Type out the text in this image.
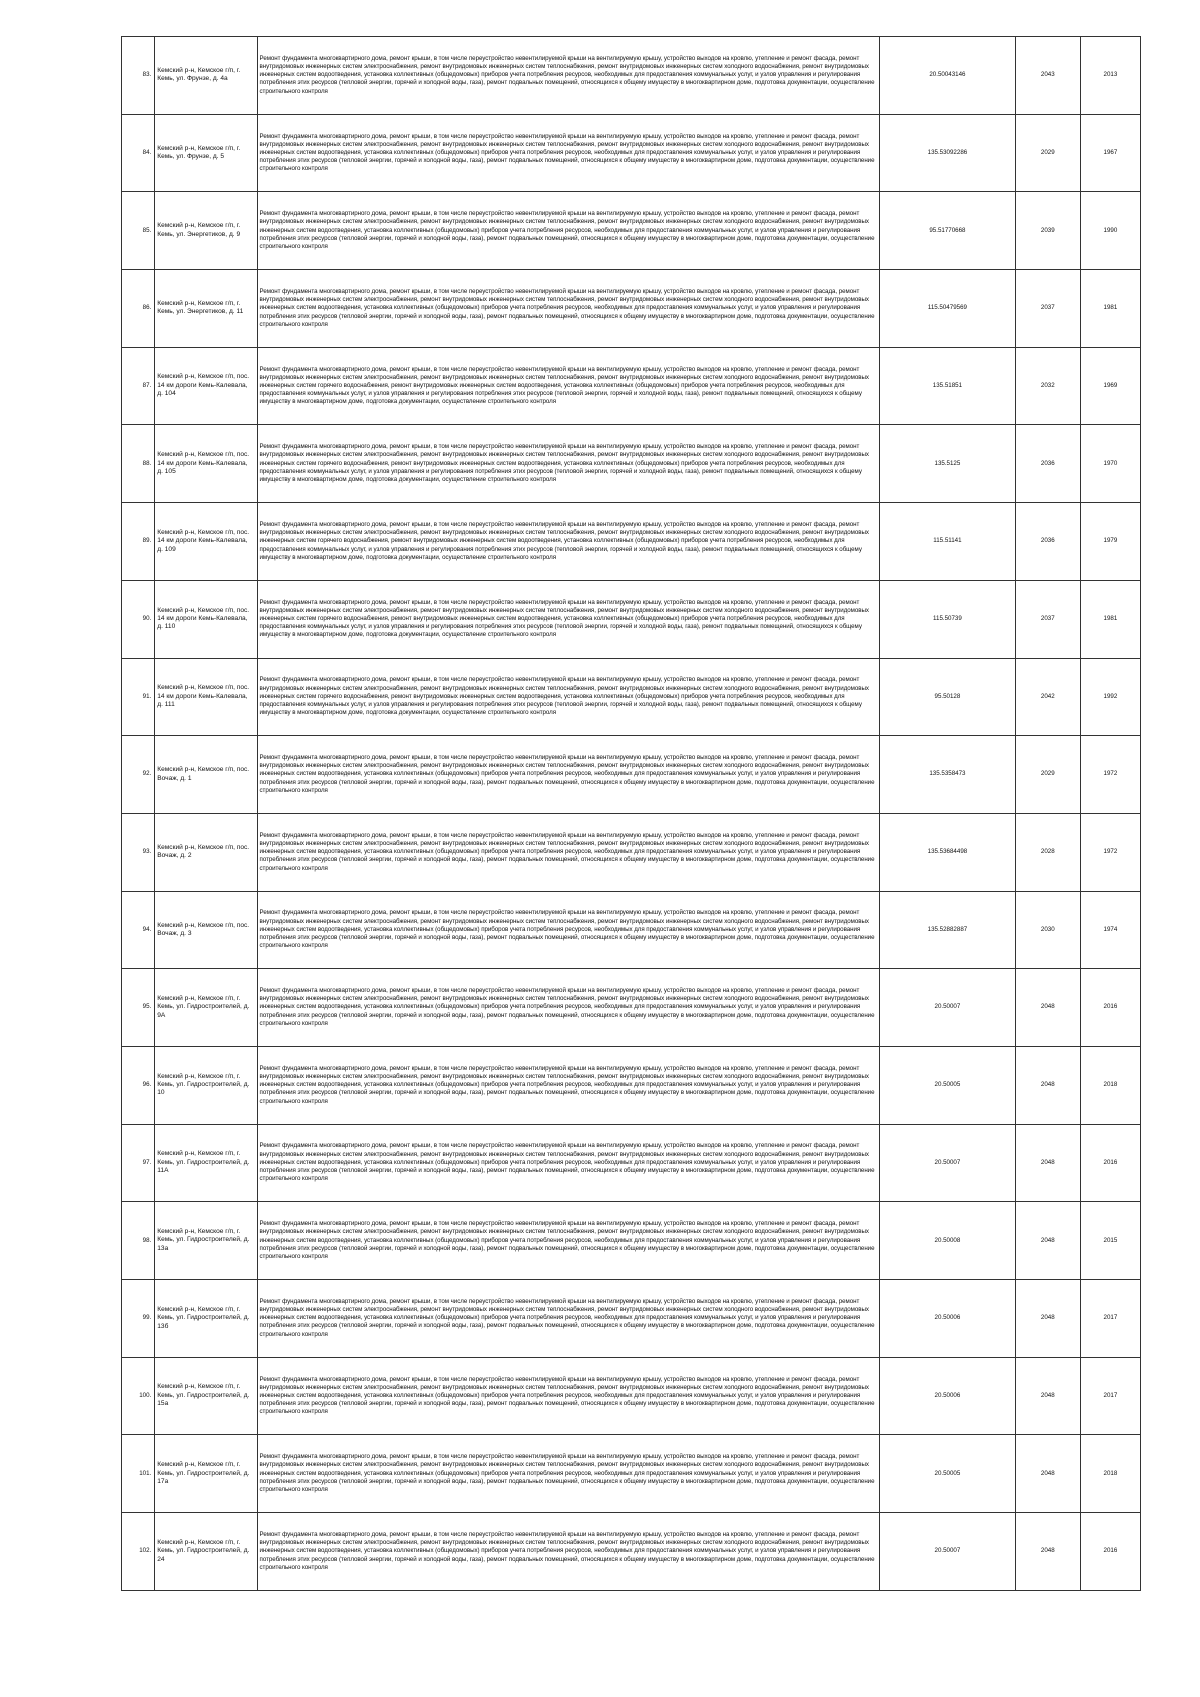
83.	Кемский р-н, Кемское г/п, г. Кемь, ул. Фрунзе, д. 4а	Ремонт фундамента многоквартирного дома, ремонт крыши, в том числе переустройство невентилируемой крыши на вентилируемую крышу, устройство выходов на кровлю, утепление и ремонт фасада, ремонт внутридомовых инженерных систем электроснабжения, ремонт внутридомовых инженерных систем теплоснабжения, ремонт внутридомовых инженерных систем холодного водоснабжения, ремонт внутридомовых инженерных систем водоотведения, установка коллективных (общедомовых) приборов учета потребления ресурсов, необходимых для предоставления коммунальных услуг, и узлов управления и регулирования потребления этих ресурсов (тепловой энергии, горячей и холодной воды, газа), ремонт подвальных помещений, относящихся к общему имуществу в многоквартирном доме, подготовка документации, осуществление строительного контроля	20.50043146	2043	2013
84.	Кемский р-н, Кемское г/п, г. Кемь, ул. Фрунзе, д. 5	Ремонт фундамента многоквартирного дома, ремонт крыши, в том числе переустройство невентилируемой крыши на вентилируемую крышу, устройство выходов на кровлю, утепление и ремонт фасада, ремонт внутридомовых инженерных систем электроснабжения, ремонт внутридомовых инженерных систем теплоснабжения, ремонт внутридомовых инженерных систем холодного водоснабжения, ремонт внутридомовых инженерных систем водоотведения, установка коллективных (общедомовых) приборов учета потребления ресурсов, необходимых для предоставления коммунальных услуг, и узлов управления и регулирования потребления этих ресурсов (тепловой энергии, горячей и холодной воды, газа), ремонт подвальных помещений, относящихся к общему имуществу в многоквартирном доме, подготовка документации, осуществление строительного контроля	135.53092286	2029	1967
85.	Кемский р-н, Кемское г/п, г. Кемь, ул. Энергетиков, д. 9	Ремонт фундамента многоквартирного дома, ремонт крыши, в том числе переустройство невентилируемой крыши на вентилируемую крышу, устройство выходов на кровлю, утепление и ремонт фасада, ремонт внутридомовых инженерных систем электроснабжения, ремонт внутридомовых инженерных систем теплоснабжения, ремонт внутридомовых инженерных систем холодного водоснабжения, ремонт внутридомовых инженерных систем водоотведения, установка коллективных (общедомовых) приборов учета потребления ресурсов, необходимых для предоставления коммунальных услуг, и узлов управления и регулирования потребления этих ресурсов (тепловой энергии, горячей и холодной воды, газа), ремонт подвальных помещений, относящихся к общему имуществу в многоквартирном доме, подготовка документации, осуществление строительного контроля	95.51770668	2039	1990
86.	Кемский р-н, Кемское г/п, г. Кемь, ул. Энергетиков, д. 11	Ремонт фундамента многоквартирного дома, ремонт крыши, в том числе переустройство невентилируемой крыши на вентилируемую крышу, устройство выходов на кровлю, утепление и ремонт фасада, ремонт внутридомовых инженерных систем электроснабжения, ремонт внутридомовых инженерных систем теплоснабжения, ремонт внутридомовых инженерных систем холодного водоснабжения, ремонт внутридомовых инженерных систем водоотведения, установка коллективных (общедомовых) приборов учета потребления ресурсов, необходимых для предоставления коммунальных услуг, и узлов управления и регулирования потребления этих ресурсов (тепловой энергии, горячей и холодной воды, газа), ремонт подвальных помещений, относящихся к общему имуществу в многоквартирном доме, подготовка документации, осуществление строительного контроля	115.50479569	2037	1981
87.	Кемский р-н, Кемское г/п, пос. 14 км дороги Кемь-Калевала, д. 104	Ремонт фундамента многоквартирного дома, ремонт крыши, в том числе переустройство невентилируемой крыши на вентилируемую крышу, устройство выходов на кровлю, утепление и ремонт фасада, ремонт внутридомовых инженерных систем электроснабжения, ремонт внутридомовых инженерных систем теплоснабжения, ремонт внутридомовых инженерных систем холодного водоснабжения, ремонт внутридомовых инженерных систем горячего водоснабжения, ремонт внутридомовых инженерных систем водоотведения, установка коллективных (общедомовых) приборов учета потребления ресурсов, необходимых для предоставления коммунальных услуг, и узлов управления и регулирования потребления этих ресурсов (тепловой энергии, горячей и холодной воды, газа), ремонт подвальных помещений, относящихся к общему имуществу в многоквартирном доме, подготовка документации, осуществление строительного контроля	135.51851	2032	1969
88.	Кемский р-н, Кемское г/п, пос. 14 км дороги Кемь-Калевала, д. 105	Ремонт фундамента многоквартирного дома, ремонт крыши, в том числе переустройство невентилируемой крыши на вентилируемую крышу, устройство выходов на кровлю, утепление и ремонт фасада, ремонт внутридомовых инженерных систем электроснабжения, ремонт внутридомовых инженерных систем теплоснабжения, ремонт внутридомовых инженерных систем холодного водоснабжения, ремонт внутридомовых инженерных систем горячего водоснабжения, ремонт внутридомовых инженерных систем водоотведения, установка коллективных (общедомовых) приборов учета потребления ресурсов, необходимых для предоставления коммунальных услуг, и узлов управления и регулирования потребления этих ресурсов (тепловой энергии, горячей и холодной воды, газа), ремонт подвальных помещений, относящихся к общему имуществу в многоквартирном доме, подготовка документации, осуществление строительного контроля	135.5125	2036	1970
89.	Кемский р-н, Кемское г/п, пос. 14 км дороги Кемь-Калевала, д. 109	Ремонт фундамента многоквартирного дома, ремонт крыши, в том числе переустройство невентилируемой крыши на вентилируемую крышу, устройство выходов на кровлю, утепление и ремонт фасада, ремонт внутридомовых инженерных систем электроснабжения, ремонт внутридомовых инженерных систем теплоснабжения, ремонт внутридомовых инженерных систем холодного водоснабжения, ремонт внутридомовых инженерных систем горячего водоснабжения, ремонт внутридомовых инженерных систем водоотведения, установка коллективных (общедомовых) приборов учета потребления ресурсов, необходимых для предоставления коммунальных услуг, и узлов управления и регулирования потребления этих ресурсов (тепловой энергии, горячей и холодной воды, газа), ремонт подвальных помещений, относящихся к общему имуществу в многоквартирном доме, подготовка документации, осуществление строительного контроля	115.51141	2036	1979
90.	Кемский р-н, Кемское г/п, пос. 14 км дороги Кемь-Калевала, д. 110	Ремонт фундамента многоквартирного дома, ремонт крыши, в том числе переустройство невентилируемой крыши на вентилируемую крышу, устройство выходов на кровлю, утепление и ремонт фасада, ремонт внутридомовых инженерных систем электроснабжения, ремонт внутридомовых инженерных систем теплоснабжения, ремонт внутридомовых инженерных систем холодного водоснабжения, ремонт внутридомовых инженерных систем горячего водоснабжения, ремонт внутридомовых инженерных систем водоотведения, установка коллективных (общедомовых) приборов учета потребления ресурсов, необходимых для предоставления коммунальных услуг, и узлов управления и регулирования потребления этих ресурсов (тепловой энергии, горячей и холодной воды, газа), ремонт подвальных помещений, относящихся к общему имуществу в многоквартирном доме, подготовка документации, осуществление строительного контроля	115.50739	2037	1981
91.	Кемский р-н, Кемское г/п, пос. 14 км дороги Кемь-Калевала, д. 111	Ремонт фундамента многоквартирного дома, ремонт крыши, в том числе переустройство невентилируемой крыши на вентилируемую крышу, устройство выходов на кровлю, утепление и ремонт фасада, ремонт внутридомовых инженерных систем электроснабжения, ремонт внутридомовых инженерных систем теплоснабжения, ремонт внутридомовых инженерных систем холодного водоснабжения, ремонт внутридомовых инженерных систем горячего водоснабжения, ремонт внутридомовых инженерных систем водоотведения, установка коллективных (общедомовых) приборов учета потребления ресурсов, необходимых для предоставления коммунальных услуг, и узлов управления и регулирования потребления этих ресурсов (тепловой энергии, горячей и холодной воды, газа), ремонт подвальных помещений, относящихся к общему имуществу в многоквартирном доме, подготовка документации, осуществление строительного контроля	95.50128	2042	1992
92.	Кемский р-н, Кемское г/п, пос. Вочаж, д. 1	Ремонт фундамента многоквартирного дома, ремонт крыши, в том числе переустройство невентилируемой крыши на вентилируемую крышу, устройство выходов на кровлю, утепление и ремонт фасада, ремонт внутридомовых инженерных систем электроснабжения, ремонт внутридомовых инженерных систем теплоснабжения, ремонт внутридомовых инженерных систем холодного водоснабжения, ремонт внутридомовых инженерных систем водоотведения, установка коллективных (общедомовых) приборов учета потребления ресурсов, необходимых для предоставления коммунальных услуг, и узлов управления и регулирования потребления этих ресурсов (тепловой энергии, горячей и холодной воды, газа), ремонт подвальных помещений, относящихся к общему имуществу в многоквартирном доме, подготовка документации, осуществление строительного контроля	135.5358473	2029	1972
93.	Кемский р-н, Кемское г/п, пос. Вочаж, д. 2	Ремонт фундамента многоквартирного дома, ремонт крыши, в том числе переустройство невентилируемой крыши на вентилируемую крышу, устройство выходов на кровлю, утепление и ремонт фасада, ремонт внутридомовых инженерных систем электроснабжения, ремонт внутридомовых инженерных систем теплоснабжения, ремонт внутридомовых инженерных систем холодного водоснабжения, ремонт внутридомовых инженерных систем водоотведения, установка коллективных (общедомовых) приборов учета потребления ресурсов, необходимых для предоставления коммунальных услуг, и узлов управления и регулирования потребления этих ресурсов (тепловой энергии, горячей и холодной воды, газа), ремонт подвальных помещений, относящихся к общему имуществу в многоквартирном доме, подготовка документации, осуществление строительного контроля	135.53684498	2028	1972
94.	Кемский р-н, Кемское г/п, пос. Вочаж, д. 3	Ремонт фундамента многоквартирного дома, ремонт крыши, в том числе переустройство невентилируемой крыши на вентилируемую крышу, устройство выходов на кровлю, утепление и ремонт фасада, ремонт внутридомовых инженерных систем электроснабжения, ремонт внутридомовых инженерных систем теплоснабжения, ремонт внутридомовых инженерных систем холодного водоснабжения, ремонт внутридомовых инженерных систем водоотведения, установка коллективных (общедомовых) приборов учета потребления ресурсов, необходимых для предоставления коммунальных услуг, и узлов управления и регулирования потребления этих ресурсов (тепловой энергии, горячей и холодной воды, газа), ремонт подвальных помещений, относящихся к общему имуществу в многоквартирном доме, подготовка документации, осуществление строительного контроля	135.52882887	2030	1974
95.	Кемский р-н, Кемское г/п, г. Кемь, ул. Гидростроителей, д. 9А	Ремонт фундамента многоквартирного дома, ремонт крыши, в том числе переустройство невентилируемой крыши на вентилируемую крышу, устройство выходов на кровлю, утепление и ремонт фасада, ремонт внутридомовых инженерных систем электроснабжения, ремонт внутридомовых инженерных систем теплоснабжения, ремонт внутридомовых инженерных систем холодного водоснабжения, ремонт внутридомовых инженерных систем водоотведения, установка коллективных (общедомовых) приборов учета потребления ресурсов, необходимых для предоставления коммунальных услуг, и узлов управления и регулирования потребления этих ресурсов (тепловой энергии, горячей и холодной воды, газа), ремонт подвальных помещений, относящихся к общему имуществу в многоквартирном доме, подготовка документации, осуществление строительного контроля	20.50007	2048	2016
96.	Кемский р-н, Кемское г/п, г. Кемь, ул. Гидростроителей, д. 10	Ремонт фундамента многоквартирного дома, ремонт крыши, в том числе переустройство невентилируемой крыши на вентилируемую крышу, устройство выходов на кровлю, утепление и ремонт фасада, ремонт внутридомовых инженерных систем электроснабжения, ремонт внутридомовых инженерных систем теплоснабжения, ремонт внутридомовых инженерных систем холодного водоснабжения, ремонт внутридомовых инженерных систем водоотведения, установка коллективных (общедомовых) приборов учета потребления ресурсов, необходимых для предоставления коммунальных услуг, и узлов управления и регулирования потребления этих ресурсов (тепловой энергии, горячей и холодной воды, газа), ремонт подвальных помещений, относящихся к общему имуществу в многоквартирном доме, подготовка документации, осуществление строительного контроля	20.50005	2048	2018
97.	Кемский р-н, Кемское г/п, г. Кемь, ул. Гидростроителей, д. 11А	Ремонт фундамента многоквартирного дома, ремонт крыши, в том числе переустройство невентилируемой крыши на вентилируемую крышу, устройство выходов на кровлю, утепление и ремонт фасада, ремонт внутридомовых инженерных систем электроснабжения, ремонт внутридомовых инженерных систем теплоснабжения, ремонт внутридомовых инженерных систем холодного водоснабжения, ремонт внутридомовых инженерных систем водоотведения, установка коллективных (общедомовых) приборов учета потребления ресурсов, необходимых для предоставления коммунальных услуг, и узлов управления и регулирования потребления этих ресурсов (тепловой энергии, горячей и холодной воды, газа), ремонт подвальных помещений, относящихся к общему имуществу в многоквартирном доме, подготовка документации, осуществление строительного контроля	20.50007	2048	2016
98.	Кемский р-н, Кемское г/п, г. Кемь, ул. Гидростроителей, д. 13а	Ремонт фундамента многоквартирного дома, ремонт крыши, в том числе переустройство невентилируемой крыши на вентилируемую крышу, устройство выходов на кровлю, утепление и ремонт фасада, ремонт внутридомовых инженерных систем электроснабжения, ремонт внутридомовых инженерных систем теплоснабжения, ремонт внутридомовых инженерных систем холодного водоснабжения, ремонт внутридомовых инженерных систем водоотведения, установка коллективных (общедомовых) приборов учета потребления ресурсов, необходимых для предоставления коммунальных услуг, и узлов управления и регулирования потребления этих ресурсов (тепловой энергии, горячей и холодной воды, газа), ремонт подвальных помещений, относящихся к общему имуществу в многоквартирном доме, подготовка документации, осуществление строительного контроля	20.50008	2048	2015
99.	Кемский р-н, Кемское г/п, г. Кемь, ул. Гидростроителей, д. 13б	Ремонт фундамента многоквартирного дома, ремонт крыши, в том числе переустройство невентилируемой крыши на вентилируемую крышу, устройство выходов на кровлю, утепление и ремонт фасада, ремонт внутридомовых инженерных систем электроснабжения, ремонт внутридомовых инженерных систем теплоснабжения, ремонт внутридомовых инженерных систем холодного водоснабжения, ремонт внутридомовых инженерных систем водоотведения, установка коллективных (общедомовых) приборов учета потребления ресурсов, необходимых для предоставления коммунальных услуг, и узлов управления и регулирования потребления этих ресурсов (тепловой энергии, горячей и холодной воды, газа), ремонт подвальных помещений, относящихся к общему имуществу в многоквартирном доме, подготовка документации, осуществление строительного контроля	20.50006	2048	2017
100.	Кемский р-н, Кемское г/п, г. Кемь, ул. Гидростроителей, д. 15а	Ремонт фундамента многоквартирного дома, ремонт крыши, в том числе переустройство невентилируемой крыши на вентилируемую крышу, устройство выходов на кровлю, утепление и ремонт фасада, ремонт внутридомовых инженерных систем электроснабжения, ремонт внутридомовых инженерных систем теплоснабжения, ремонт внутридомовых инженерных систем холодного водоснабжения, ремонт внутридомовых инженерных систем водоотведения, установка коллективных (общедомовых) приборов учета потребления ресурсов, необходимых для предоставления коммунальных услуг, и узлов управления и регулирования потребления этих ресурсов (тепловой энергии, горячей и холодной воды, газа), ремонт подвальных помещений, относящихся к общему имуществу в многоквартирном доме, подготовка документации, осуществление строительного контроля	20.50006	2048	2017
101.	Кемский р-н, Кемское г/п, г. Кемь, ул. Гидростроителей, д. 17а	Ремонт фундамента многоквартирного дома, ремонт крыши, в том числе переустройство невентилируемой крыши на вентилируемую крышу, устройство выходов на кровлю, утепление и ремонт фасада, ремонт внутридомовых инженерных систем электроснабжения, ремонт внутридомовых инженерных систем теплоснабжения, ремонт внутридомовых инженерных систем холодного водоснабжения, ремонт внутридомовых инженерных систем водоотведения, установка коллективных (общедомовых) приборов учета потребления ресурсов, необходимых для предоставления коммунальных услуг, и узлов управления и регулирования потребления этих ресурсов (тепловой энергии, горячей и холодной воды, газа), ремонт подвальных помещений, относящихся к общему имуществу в многоквартирном доме, подготовка документации, осуществление строительного контроля	20.50005	2048	2018
102.	Кемский р-н, Кемское г/п, г. Кемь, ул. Гидростроителей, д. 24	Ремонт фундамента многоквартирного дома, ремонт крыши, в том числе переустройство невентилируемой крыши на вентилируемую крышу, устройство выходов на кровлю, утепление и ремонт фасада, ремонт внутридомовых инженерных систем электроснабжения, ремонт внутридомовых инженерных систем теплоснабжения, ремонт внутридомовых инженерных систем холодного водоснабжения, ремонт внутридомовых инженерных систем водоотведения, установка коллективных (общедомовых) приборов учета потребления ресурсов, необходимых для предоставления коммунальных услуг, и узлов управления и регулирования потребления этих ресурсов (тепловой энергии, горячей и холодной воды, газа), ремонт подвальных помещений, относящихся к общему имуществу в многоквартирном доме, подготовка документации, осуществление строительного контроля	20.50007	2048	2016
